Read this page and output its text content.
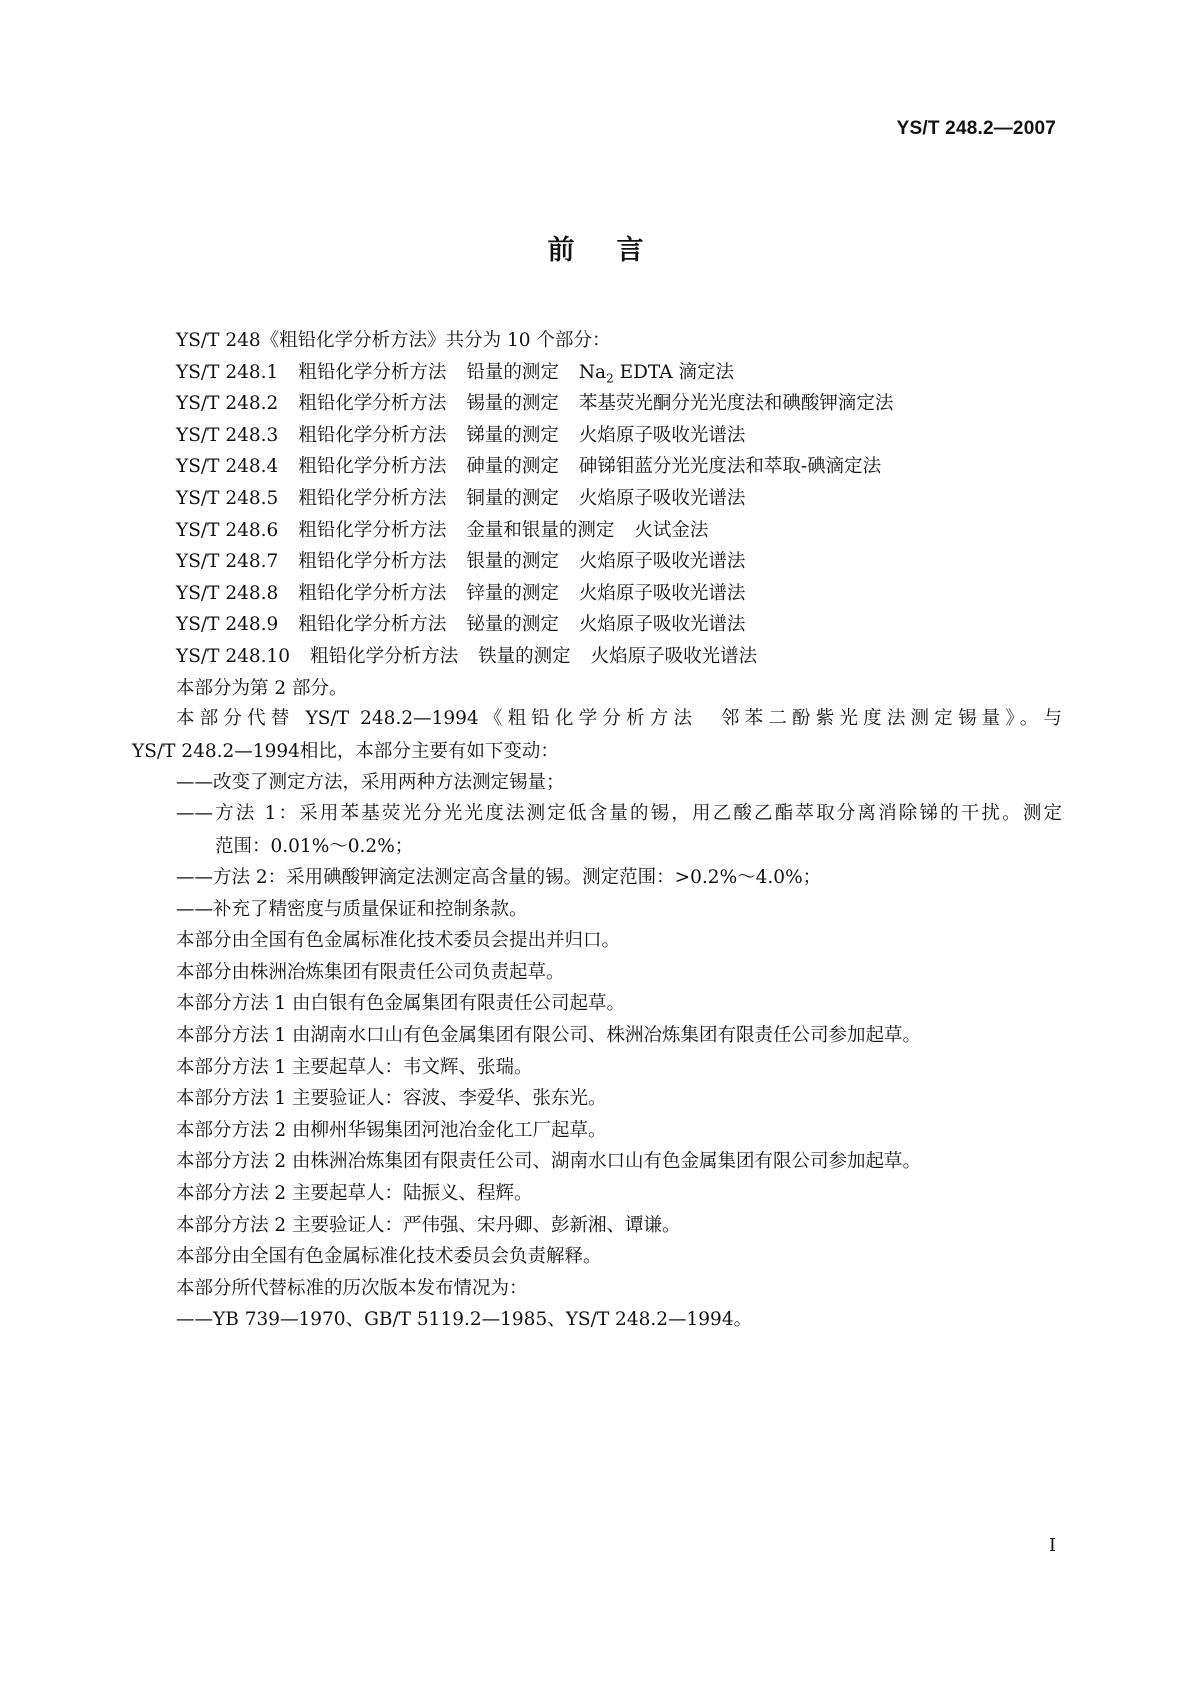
YS/T 248.2—2007
前言
YS/T 248《粗铅化学分析方法》共分为 10 个部分：
YS/T 248.1 粗铅化学分析方法 铅量的测定 $Na_2$ EDTA 滴定法
YS/T 248.2 粗铅化学分析方法 锡量的测定 苯基荧光酮分光光度法和碘酸钾滴定法
YS/T 248.3 粗铅化学分析方法 锑量的测定 火焰原子吸收光谱法
YS/T 248.4 粗铅化学分析方法 砷量的测定 砷锑钼蓝分光光度法和萃取-碘滴定法
YS/T 248.5 粗铅化学分析方法 铜量的测定 火焰原子吸收光谱法
YS/T 248.6 粗铅化学分析方法 金量和银量的测定 火试金法
YS/T 248.7 粗铅化学分析方法 银量的测定 火焰原子吸收光谱法
YS/T 248.8 粗铅化学分析方法 锌量的测定 火焰原子吸收光谱法
YS/T 248.9 粗铅化学分析方法 铋量的测定 火焰原子吸收光谱法
YS/T 248.10 粗铅化学分析方法 铁量的测定 火焰原子吸收光谱法
本部分为第 2 部分。
本部分代替 YS/T 248.2—1994《粗铅化学分析方法　邻苯二酚紫光度法测定锡量》。与
YS/T 248.2—1994相比，本部分主要有如下变动：
——改变了测定方法，采用两种方法测定锡量；
——方法 1：采用苯基荧光分光光度法测定低含量的锡，用乙酸乙酯萃取分离消除锑的干扰。测定
范围：0.01%～0.2%；
——方法 2：采用碘酸钾滴定法测定高含量的锡。测定范围：>0.2%～4.0%；
——补充了精密度与质量保证和控制条款。
本部分由全国有色金属标准化技术委员会提出并归口。
本部分由株洲冶炼集团有限责任公司负责起草。
本部分方法 1 由白银有色金属集团有限责任公司起草。
本部分方法 1 由湖南水口山有色金属集团有限公司、株洲冶炼集团有限责任公司参加起草。
本部分方法 1 主要起草人：韦文辉、张瑞。
本部分方法 1 主要验证人：容波、李爱华、张东光。
本部分方法 2 由柳州华锡集团河池冶金化工厂起草。
本部分方法 2 由株洲冶炼集团有限责任公司、湖南水口山有色金属集团有限公司参加起草。
本部分方法 2 主要起草人：陆振义、程辉。
本部分方法 2 主要验证人：严伟强、宋丹卿、彭新湘、谭谦。
本部分由全国有色金属标准化技术委员会负责解释。
本部分所代替标准的历次版本发布情况为：
——YB 739—1970、GB/T 5119.2—1985、YS/T 248.2—1994。
I
